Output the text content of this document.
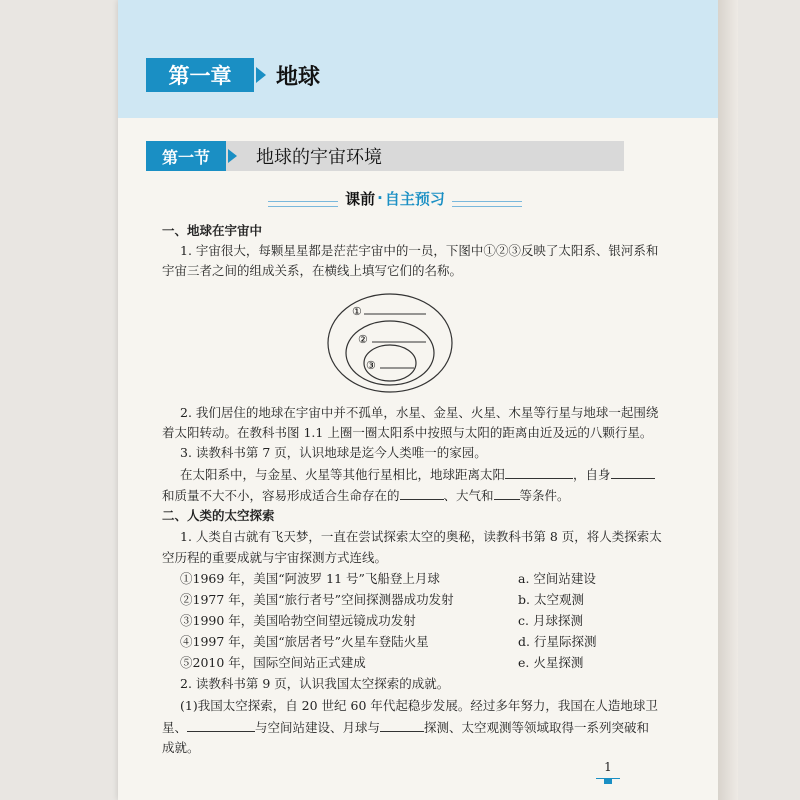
第一章	地球
第一节	地球的宇宙环境
课前 · 自主预习
一、地球在宇宙中
1. 宇宙很大，每颗星星都是茫茫宇宙中的一员，下图中①②③反映了太阳系、银河系和
宇宙三者之间的组成关系，在横线上填写它们的名称。
①
②
③
2. 我们居住的地球在宇宙中并不孤单，水星、金星、火星、木星等行星与地球一起围绕
着太阳转动。在教科书图 1.1 上圈一圈太阳系中按照与太阳的距离由近及远的八颗行星。
3. 读教科书第 7 页，认识地球是迄今人类唯一的家园。
在太阳系中，与金星、火星等其他行星相比，地球距离太阳	，自身
和质量不大不小，容易形成适合生命存在的	、大气和 等条件。
二、人类的太空探索
1. 人类自古就有飞天梦，一直在尝试探索太空的奥秘，读教科书第 8 页，将人类探索太
空历程的重要成就与宇宙探测方式连线。
①1969 年，美国“阿波罗 11 号”飞船登上月球	a. 空间站建设
②1977 年，美国“旅行者号”空间探测器成功发射	b. 太空观测
③1990 年，美国哈勃空间望远镜成功发射	c. 月球探测
④1997 年，美国“旅居者号”火星车登陆火星	d. 行星际探测
⑤2010 年，国际空间站正式建成	e. 火星探测
2. 读教科书第 9 页，认识我国太空探索的成就。
(1)我国太空探索，自 20 世纪 60 年代起稳步发展。经过多年努力，我国在人造地球卫
星、	与空间站建设、月球与	探测、太空观测等领域取得一系列突破和
成就。
1
